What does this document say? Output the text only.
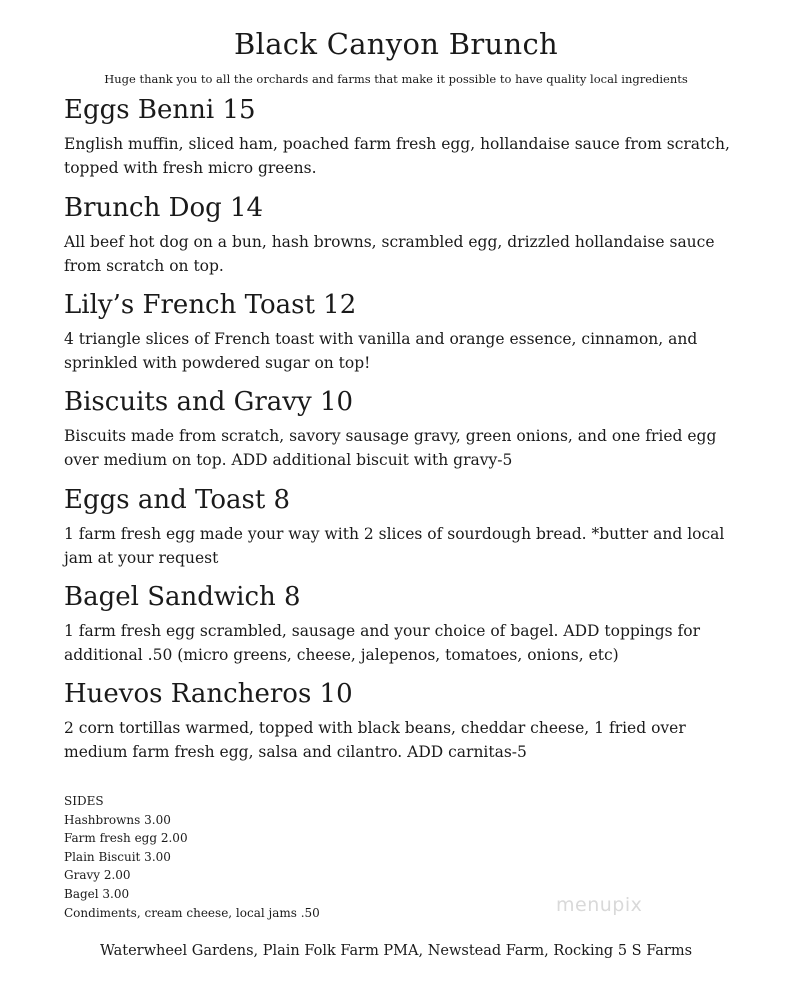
Black Canyon Brunch
Huge thank you to all the orchards and farms that make it possible to have quality local ingredients
Eggs Benni 15

English muffin, sliced ham, poached farm fresh egg, hollandaise sauce from scratch, topped with fresh micro greens.

Brunch Dog 14

All beef hot dog on a bun, hash browns, scrambled egg, drizzled hollandaise sauce from scratch on top.

Lily’s French Toast 12

4 triangle slices of French toast with vanilla and orange essence, cinnamon, and sprinkled with powdered sugar on top!

Biscuits and Gravy 10

Biscuits made from scratch, savory sausage gravy, green onions, and one fried egg over medium on top. ADD additional biscuit with gravy-5

Eggs and Toast 8

1 farm fresh egg made your way with 2 slices of sourdough bread. *butter and local jam at your request

Bagel Sandwich 8

1 farm fresh egg scrambled, sausage and your choice of bagel. ADD toppings for additional .50 (micro greens, cheese, jalepenos, tomatoes, onions, etc)

Huevos Rancheros 10

2 corn tortillas warmed, topped with black beans, cheddar cheese, 1 fried over medium farm fresh egg, salsa and cilantro. ADD carnitas-5

SIDES
Hashbrowns 3.00
Farm fresh egg 2.00
Plain Biscuit 3.00
Gravy 2.00
Bagel 3.00
Condiments, cream cheese, local jams .50	menupix
Waterwheel Gardens, Plain Folk Farm PMA, Newstead Farm, Rocking 5 S Farms
